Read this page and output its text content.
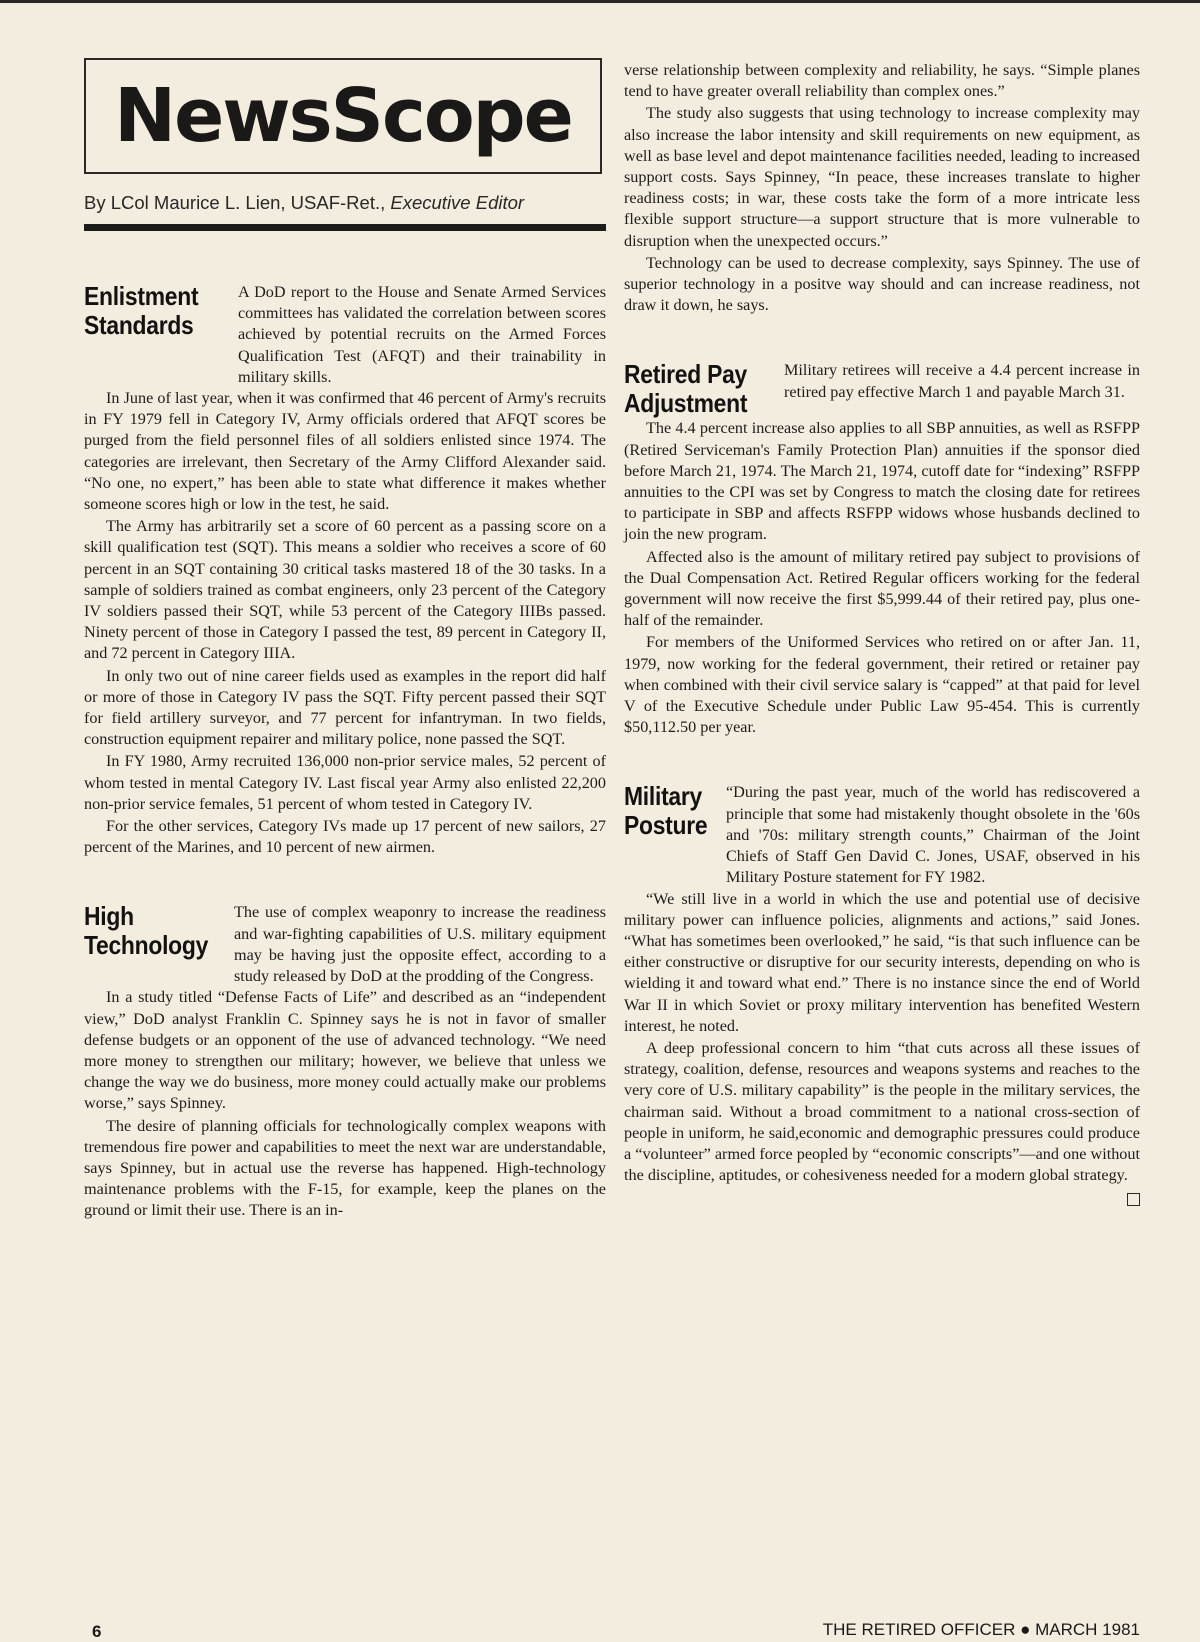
NewsScope
By LCol Maurice L. Lien, USAF-Ret., Executive Editor
Enlistment
Standards

A DoD report to the House and Senate Armed Services committees has validated the correlation between scores achieved by potential recruits on the Armed Forces Qualification Test (AFQT) and their trainability in military skills.

In June of last year, when it was confirmed that 46 percent of Army's recruits in FY 1979 fell in Category IV, Army officials ordered that AFQT scores be purged from the field personnel files of all soldiers enlisted since 1974. The categories are irrelevant, then Secretary of the Army Clifford Alexander said. “No one, no expert,” has been able to state what difference it makes whether someone scores high or low in the test, he said.

The Army has arbitrarily set a score of 60 percent as a passing score on a skill qualification test (SQT). This means a soldier who receives a score of 60 percent in an SQT containing 30 critical tasks mastered 18 of the 30 tasks. In a sample of soldiers trained as combat engineers, only 23 percent of the Category IV soldiers passed their SQT, while 53 percent of the Category IIIBs passed. Ninety percent of those in Category I passed the test, 89 percent in Category II, and 72 percent in Category IIIA.

In only two out of nine career fields used as examples in the report did half or more of those in Category IV pass the SQT. Fifty percent passed their SQT for field artillery surveyor, and 77 percent for infantryman. In two fields, construction equipment repairer and military police, none passed the SQT.

In FY 1980, Army recruited 136,000 non-prior service males, 52 percent of whom tested in mental Category IV. Last fiscal year Army also enlisted 22,200 non-prior service females, 51 percent of whom tested in Category IV.

For the other services, Category IVs made up 17 percent of new sailors, 27 percent of the Marines, and 10 percent of new airmen.

High
Technology

The use of complex weaponry to increase the readiness and war-fighting capabilities of U.S. military equipment may be having just the opposite effect, according to a study released by DoD at the prodding of the Congress.

In a study titled “Defense Facts of Life” and described as an “independent view,” DoD analyst Franklin C. Spinney says he is not in favor of smaller defense budgets or an opponent of the use of advanced technology. “We need more money to strengthen our military; however, we believe that unless we change the way we do business, more money could actually make our problems worse,” says Spinney.

The desire of planning officials for technologically complex weapons with tremendous fire power and capabilities to meet the next war are understandable, says Spinney, but in actual use the reverse has happened. High-technology maintenance problems with the F-15, for example, keep the planes on the ground or limit their use. There is an in-

verse relationship between complexity and reliability, he says. “Simple planes tend to have greater overall reliability than complex ones.”

The study also suggests that using technology to increase complexity may also increase the labor intensity and skill requirements on new equipment, as well as base level and depot maintenance facilities needed, leading to increased support costs. Says Spinney, “In peace, these increases translate to higher readiness costs; in war, these costs take the form of a more intricate less flexible support structure—a support structure that is more vulnerable to disruption when the unexpected occurs.”

Technology can be used to decrease complexity, says Spinney. The use of superior technology in a positve way should and can increase readiness, not draw it down, he says.

Retired Pay
Adjustment

Military retirees will receive a 4.4 percent increase in retired pay effective March 1 and payable March 31.

The 4.4 percent increase also applies to all SBP annuities, as well as RSFPP (Retired Serviceman's Family Protection Plan) annuities if the sponsor died before March 21, 1974. The March 21, 1974, cutoff date for “indexing” RSFPP annuities to the CPI was set by Congress to match the closing date for retirees to participate in SBP and affects RSFPP widows whose husbands declined to join the new program.

Affected also is the amount of military retired pay subject to provisions of the Dual Compensation Act. Retired Regular officers working for the federal government will now receive the first $5,999.44 of their retired pay, plus one-half of the remainder.

For members of the Uniformed Services who retired on or after Jan. 11, 1979, now working for the federal government, their retired or retainer pay when combined with their civil service salary is “capped” at that paid for level V of the Executive Schedule under Public Law 95-454. This is currently $50,112.50 per year.

Military
Posture

“During the past year, much of the world has rediscovered a principle that some had mistakenly thought obsolete in the '60s and '70s: military strength counts,” Chairman of the Joint Chiefs of Staff Gen David C. Jones, USAF, observed in his Military Posture statement for FY 1982.

“We still live in a world in which the use and potential use of decisive military power can influence policies, alignments and actions,” said Jones. “What has sometimes been overlooked,” he said, “is that such influence can be either constructive or disruptive for our security interests, depending on who is wielding it and toward what end.” There is no instance since the end of World War II in which Soviet or proxy military intervention has benefited Western interest, he noted.

A deep professional concern to him “that cuts across all these issues of strategy, coalition, defense, resources and weapons systems and reaches to the very core of U.S. military capability” is the people in the military services, the chairman said. Without a broad commitment to a national cross-section of people in uniform, he said,economic and demographic pressures could produce a “volunteer” armed force peopled by “economic conscripts”—and one without the discipline, aptitudes, or cohesiveness needed for a modern global strategy.

6	THE RETIRED OFFICER ● MARCH 1981
